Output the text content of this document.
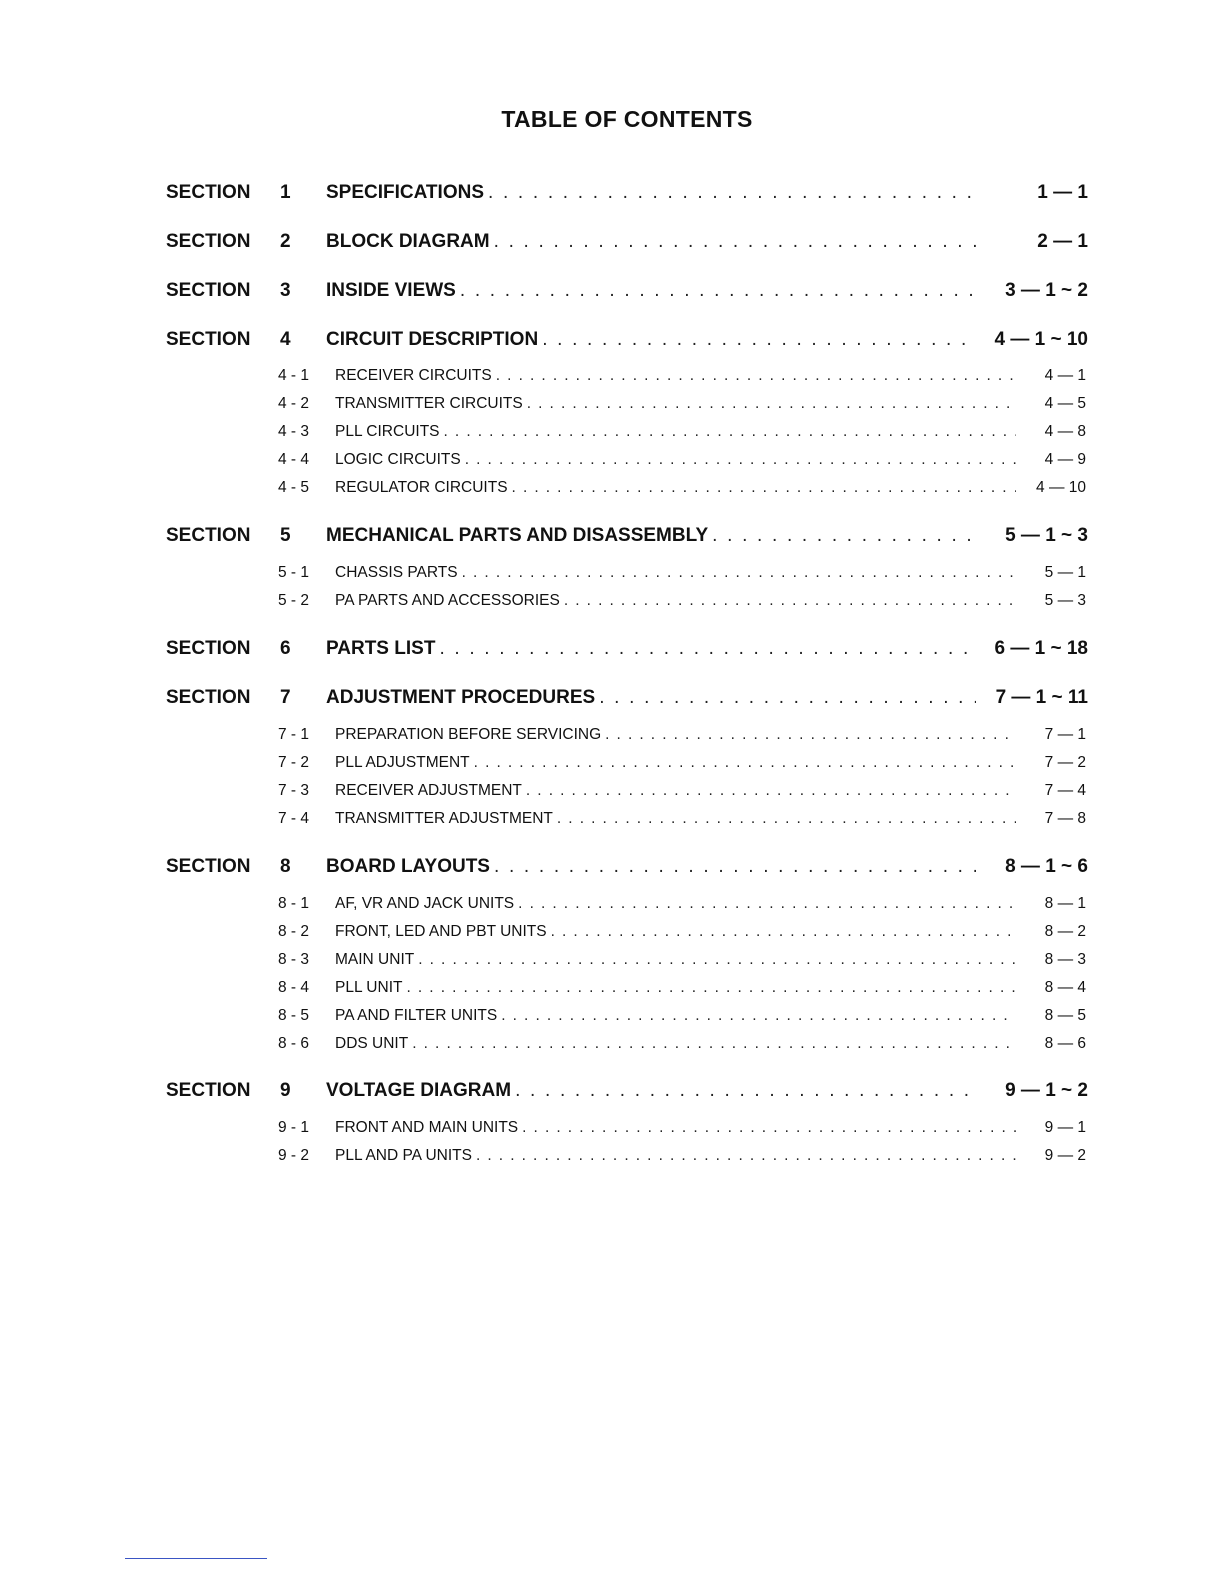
TABLE OF CONTENTS
SECTION	1	SPECIFICATIONS . . .	1 — 1
SECTION	2	BLOCK DIAGRAM . . .	2 — 1
SECTION	3	INSIDE VIEWS . . .	3 — 1 ~ 2
SECTION	4	CIRCUIT DESCRIPTION . . .	4 — 1 ~ 10
4 - 1	RECEIVER CIRCUITS . . .	4 — 1
4 - 2	TRANSMITTER CIRCUITS . . .	4 — 5
4 - 3	PLL CIRCUITS . . .	4 — 8
4 - 4	LOGIC CIRCUITS . . .	4 — 9
4 - 5	REGULATOR CIRCUITS . . .	4 — 10
SECTION	5	MECHANICAL PARTS AND DISASSEMBLY . . .	5 — 1 ~ 3
5 - 1	CHASSIS PARTS . . .	5 — 1
5 - 2	PA PARTS AND ACCESSORIES . . .	5 — 3
SECTION	6	PARTS LIST . . .	6 — 1 ~ 18
SECTION	7	ADJUSTMENT PROCEDURES . . .	7 — 1 ~ 11
7 - 1	PREPARATION BEFORE SERVICING . . .	7 — 1
7 - 2	PLL ADJUSTMENT . . .	7 — 2
7 - 3	RECEIVER ADJUSTMENT . . .	7 — 4
7 - 4	TRANSMITTER ADJUSTMENT . . .	7 — 8
SECTION	8	BOARD LAYOUTS . . .	8 — 1 ~ 6
8 - 1	AF, VR AND JACK UNITS . . .	8 — 1
8 - 2	FRONT, LED AND PBT UNITS . . .	8 — 2
8 - 3	MAIN UNIT . . .	8 — 3
8 - 4	PLL UNIT . . .	8 — 4
8 - 5	PA AND FILTER UNITS . . .	8 — 5
8 - 6	DDS UNIT . . .	8 — 6
SECTION	9	VOLTAGE DIAGRAM . . .	9 — 1 ~ 2
9 - 1	FRONT AND MAIN UNITS . . .	9 — 1
9 - 2	PLL AND PA UNITS . . .	9 — 2
